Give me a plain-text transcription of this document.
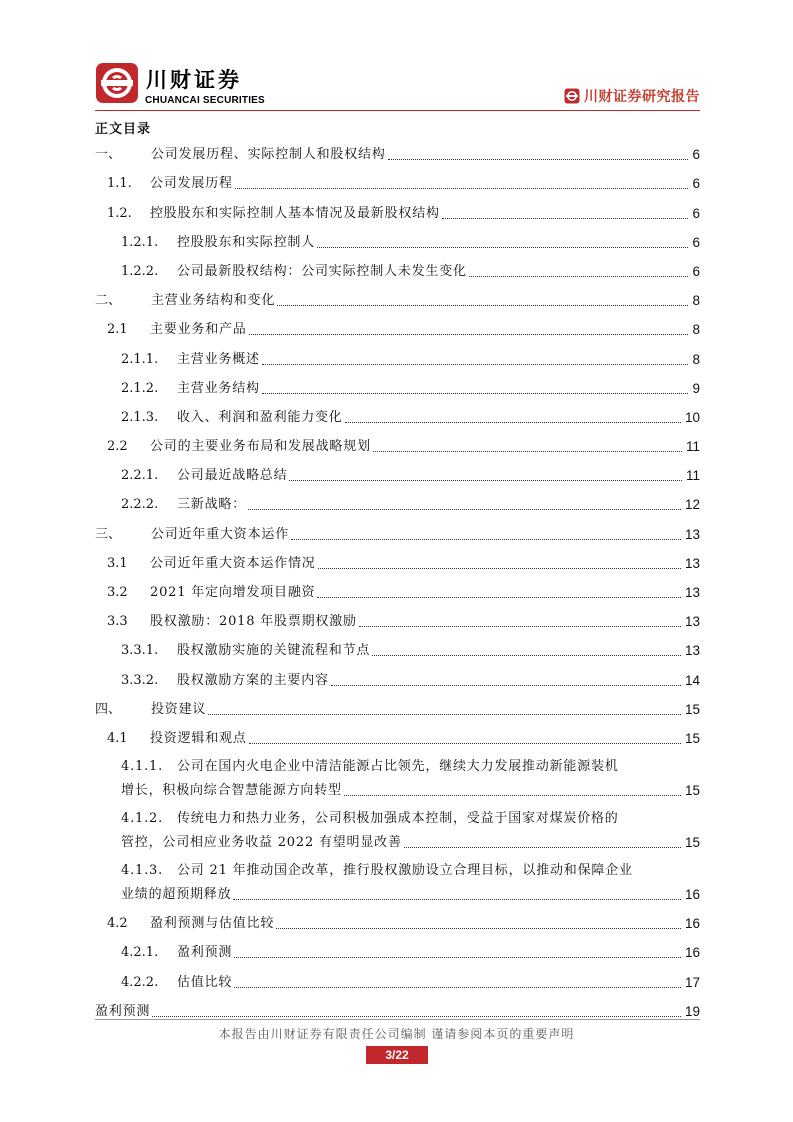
川财证券
CHUANCAI SECURITIES	川财证券研究报告
正文目录
一、	公司发展历程、实际控制人和股权结构	6
1.1.	公司发展历程	6
1.2.	控股股东和实际控制人基本情况及最新股权结构	6
1.2.1.	控股股东和实际控制人	6
1.2.2.	公司最新股权结构：公司实际控制人未发生变化	6
二、	主营业务结构和变化	8
2.1	主要业务和产品	8
2.1.1.	主营业务概述	8
2.1.2.	主营业务结构	9
2.1.3.	收入、利润和盈利能力变化	10
2.2	公司的主要业务布局和发展战略规划	11
2.2.1.	公司最近战略总结	11
2.2.2.	三新战略：	12
三、	公司近年重大资本运作	13
3.1	公司近年重大资本运作情况	13
3.2	2021 年定向增发项目融资	13
3.3	股权激励：2018 年股票期权激励	13
3.3.1.	股权激励实施的关键流程和节点	13
3.3.2.	股权激励方案的主要内容	14
四、	投资建议	15
4.1	投资逻辑和观点	15
4.1.1. 公司在国内火电企业中清洁能源占比领先，继续大力发展推动新能源装机
增长，积极向综合智慧能源方向转型	15
4.1.2. 传统电力和热力业务，公司积极加强成本控制，受益于国家对煤炭价格的
管控，公司相应业务收益 2022 有望明显改善	15
4.1.3. 公司 21 年推动国企改革，推行股权激励设立合理目标，以推动和保障企业
业绩的超预期释放	16
4.2	盈利预测与估值比较	16
4.2.1.	盈利预测	16
4.2.2.	估值比较	17
盈利预测	19
本报告由川财证券有限责任公司编制 谨请参阅本页的重要声明
3/22
